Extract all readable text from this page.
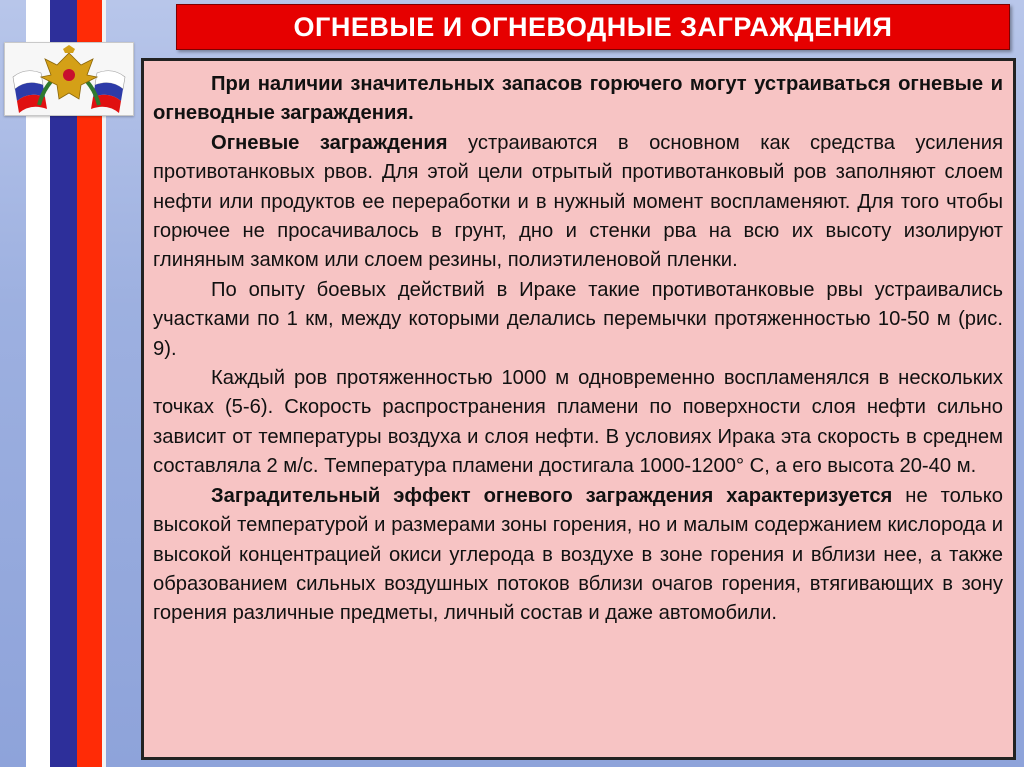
ОГНЕВЫЕ И ОГНЕВОДНЫЕ ЗАГРАЖДЕНИЯ

При наличии значительных запасов горючего могут устраиваться огневые и огневодные заграждения.

Огневые заграждения устраиваются в основном как средства усиления противотанковых рвов. Для этой цели отрытый противотанковый ров заполняют слоем нефти или продуктов ее переработки и в нужный момент воспламеняют. Для того чтобы горючее не просачивалось в грунт, дно и стенки рва на всю их высоту изолируют глиняным замком или слоем резины, полиэтиленовой пленки.

По опыту боевых действий в Ираке такие противотанковые рвы устраивались участками по 1 км, между которыми делались перемычки протяженностью 10-50 м (рис. 9).

Каждый ров протяженностью 1000 м одновременно воспламенялся в нескольких точках (5-6). Скорость распространения пламени по поверхности слоя нефти сильно зависит от температуры воздуха и слоя нефти. В условиях Ирака эта скорость в среднем составляла 2 м/с. Температура пламени достигала 1000-1200° С, а его высота 20-40 м.

Заградительный эффект огневого заграждения характеризуется не только высокой температурой и размерами зоны горения, но и малым содержанием кислорода и высокой концентрацией окиси углерода в воздухе в зоне горения и вблизи нее, а также образованием сильных воздушных потоков вблизи очагов горения, втягивающих в зону горения различные предметы, личный состав и даже автомобили.
